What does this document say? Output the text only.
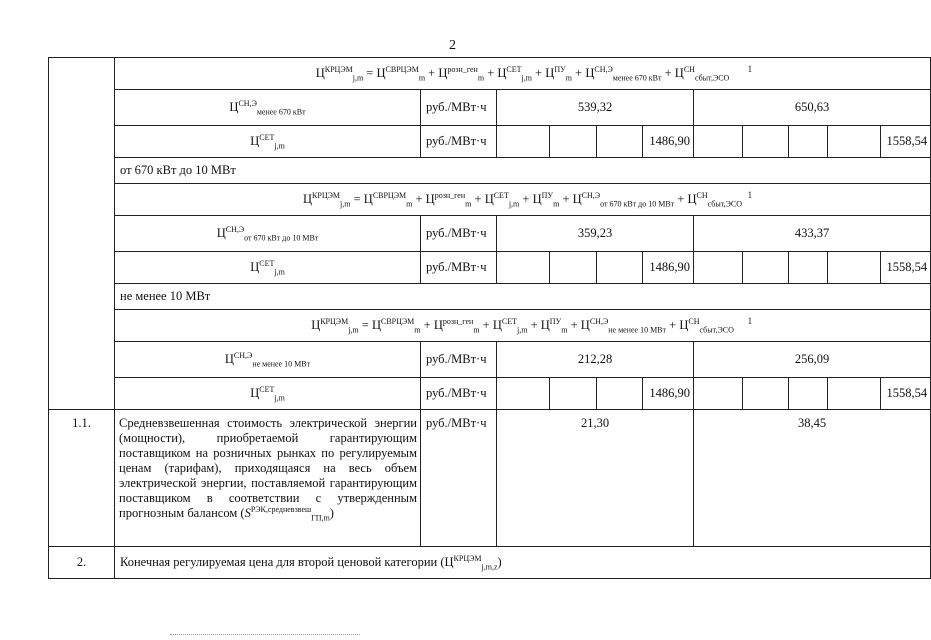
2
	$Ц^{КРЦЭМ}_{j,m} = Ц^{СВРЦЭМ}_m + Ц^{розн\_ген}_m + Ц^{СЕТ}_{j,m} + Ц^{ПУ}_m + Ц^{СН,Э}_{менее 670 кВт} + Ц^{СН}_{сбыт,ЭСО}$
1										

	$Ц^{СН,Э}_{менее 670 кВт}$	руб./МВт·ч	539,32				650,63				
	$Ц^{СЕТ}_{j,m}$	руб./МВт·ч				1486,90					1558,54
	от 670 кВт до 10 МВт										
	$Ц^{КРЦЭМ}_{j,m} = Ц^{СВРЦЭМ}_m + Ц^{розн\_ген}_m + Ц^{СЕТ}_{j,m} + Ц^{ПУ}_m + Ц^{СН,Э}_{от 670 кВт до 10 МВт} + Ц^{СН}_{сбыт,ЭСО}$
1										

	$Ц^{СН,Э}_{от 670 кВт до 10 МВт}$	руб./МВт·ч	359,23				433,37				
	$Ц^{СЕТ}_{j,m}$	руб./МВт·ч				1486,90					1558,54
	не менее 10 МВт										
	$Ц^{КРЦЭМ}_{j,m} = Ц^{СВРЦЭМ}_m + Ц^{розн\_ген}_m + Ц^{СЕТ}_{j,m} + Ц^{ПУ}_m + Ц^{СН,Э}_{не менее 10 МВт} + Ц^{СН}_{сбыт,ЭСО}$
1										

	$Ц^{СН,Э}_{не менее 10 МВт}$	руб./МВт·ч	212,28				256,09				
	$Ц^{СЕТ}_{j,m}$	руб./МВт·ч				1486,90					1558,54
1.1.	Средневзвешенная стоимость электрической энергии (мощности), приобретаемой гарантирующим поставщиком на розничных рынках по регулируемым ценам (тарифам), приходящаяся на весь объем электрической энергии, поставляемой гарантирующим поставщиком в соответствии с утвержденным прогнозным балансом $(S^{РЭК,средневзвеш}_{ГП,m})$	руб./МВт·ч	21,30				38,45				
2.	Конечная регулируемая цена для второй ценовой категории $(Ц^{КРЦЭМ}_{j,m,z})$										
